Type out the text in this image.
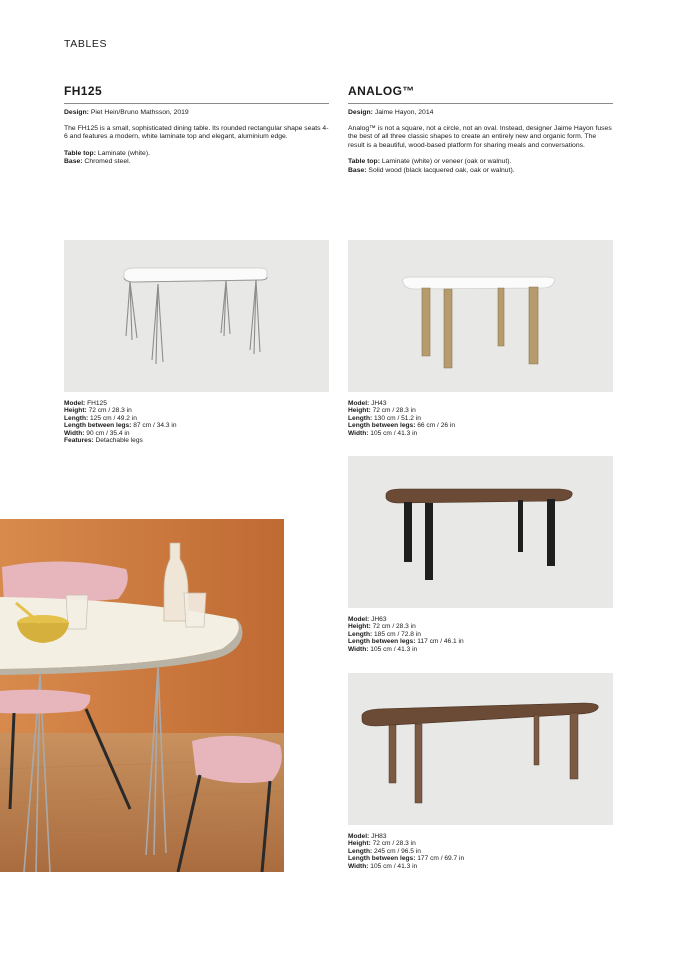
TABLES
FH125
Design: Piet Hein/Bruno Mathsson, 2019
The FH125 is a small, sophisticated dining table. Its rounded rectangular shape seats 4-6 and features a modern, white laminate top and elegant, aluminium edge.
Table top: Laminate (white).
Base: Chromed steel.
ANALOG™
Design: Jaime Hayon, 2014
Analog™ is not a square, not a circle, not an oval. Instead, designer Jaime Hayon fuses the best of all three classic shapes to create an entirely new and organic form. The result is a beautiful, wood-based platform for sharing meals and conversations.
Table top: Laminate (white) or veneer (oak or walnut).
Base: Solid wood (black lacquered oak, oak or walnut).
Model: FH125
Height: 72 cm / 28.3 in
Length: 125 cm / 49.2 in
Length between legs: 87 cm / 34.3 in
Width: 90 cm / 35.4 in
Features: Detachable legs
Model: JH43
Height: 72 cm / 28.3 in
Length: 130 cm / 51.2 in
Length between legs: 66 cm / 26 in
Width: 105 cm / 41.3 in
Model: JH63
Height: 72 cm / 28.3 in
Length: 185 cm / 72.8 in
Length between legs: 117 cm / 46.1 in
Width: 105 cm / 41.3 in
Model: JH83
Height: 72 cm / 28.3 in
Length: 245 cm / 96.5 in
Length between legs: 177 cm / 69.7 in
Width: 105 cm / 41.3 in
